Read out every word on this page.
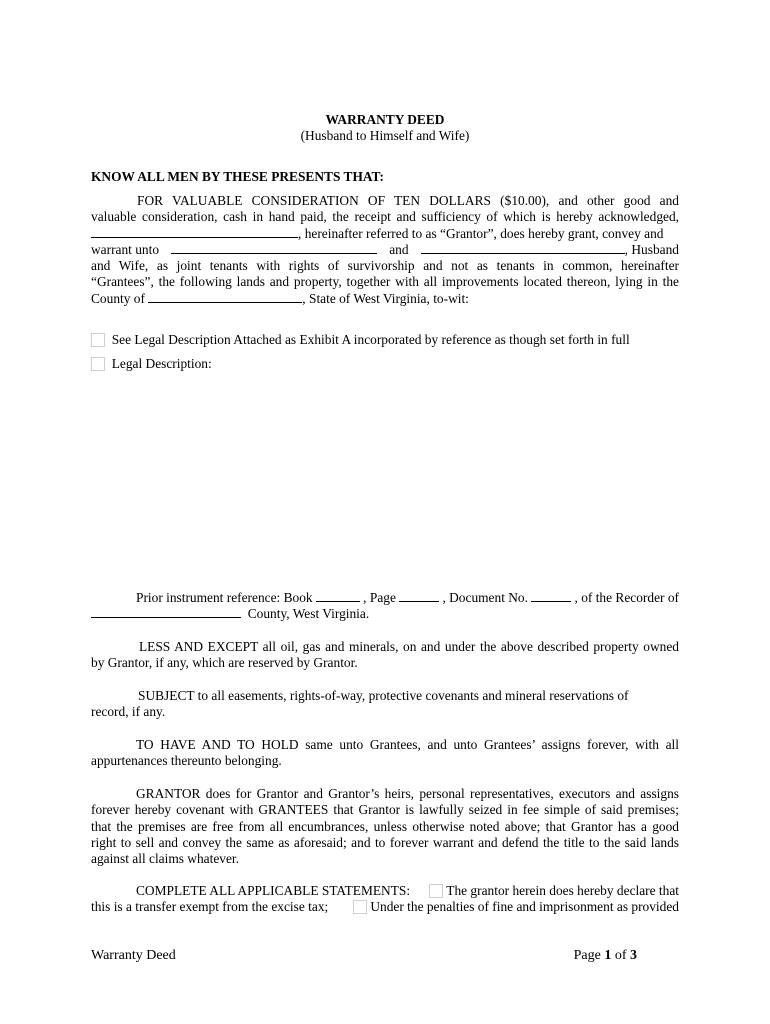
WARRANTY DEED

(Husband to Himself and Wife)

KNOW ALL MEN BY THESE PRESENTS THAT:

FOR VALUABLE CONSIDERATION OF TEN DOLLARS ($10.00), and other good and

valuable consideration, cash in hand paid, the receipt and sufficiency of which is hereby acknowledged,

, hereinafter referred to as “Grantor”, does hereby grant, convey and

warrant unto	and	, Husband

and Wife, as joint tenants with rights of survivorship and not as tenants in common, hereinafter

“Grantees”, the following lands and property, together with all improvements located thereon, lying in the

County of	, State of West Virginia, to-wit:

See Legal Description Attached as Exhibit A incorporated by reference as though set forth in full

Legal Description:

Prior instrument reference: Book	, Page	, Document No.	, of the Recorder of

County, West Virginia.

LESS AND EXCEPT all oil, gas and minerals, on and under the above described property owned

by Grantor, if any, which are reserved by Grantor.

SUBJECT to all easements, rights-of-way, protective covenants and mineral reservations of

record, if any.

TO HAVE AND TO HOLD same unto Grantees, and unto Grantees’ assigns forever, with all

appurtenances thereunto belonging.

GRANTOR does for Grantor and Grantor’s heirs, personal representatives, executors and assigns

forever hereby covenant with GRANTEES that Grantor is lawfully seized in fee simple of said premises;

that the premises are free from all encumbrances, unless otherwise noted above; that Grantor has a good

right to sell and convey the same as aforesaid; and to forever warrant and defend the title to the said lands

against all claims whatever.

COMPLETE ALL APPLICABLE STATEMENTS:	The grantor herein does hereby declare that

this is a transfer exempt from the excise tax;	Under the penalties of fine and imprisonment as provided

Warranty Deed	Page 1 of 3
